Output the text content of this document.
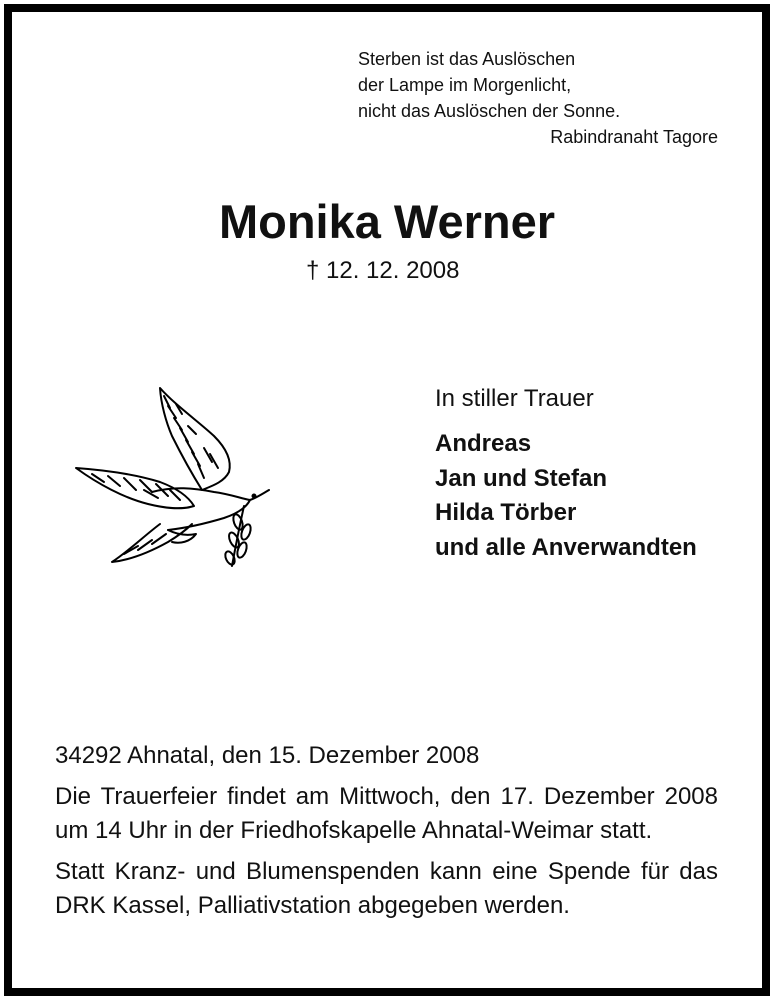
Sterben ist das Auslöschen
der Lampe im Morgenlicht,
nicht das Auslöschen der Sonne.
Rabindranaht Tagore
Monika Werner
† 12. 12. 2008
In stiller Trauer
Andreas
Jan und Stefan
Hilda Törber
und alle Anverwandten

34292 Ahnatal, den 15. Dezember 2008

Die Trauerfeier findet am Mittwoch, den 17. Dezember 2008 um 14 Uhr in der Friedhofskapelle Ahnatal-Weimar statt.

Statt Kranz- und Blumenspenden kann eine Spende für das DRK Kassel, Palliativstation abgegeben werden.
